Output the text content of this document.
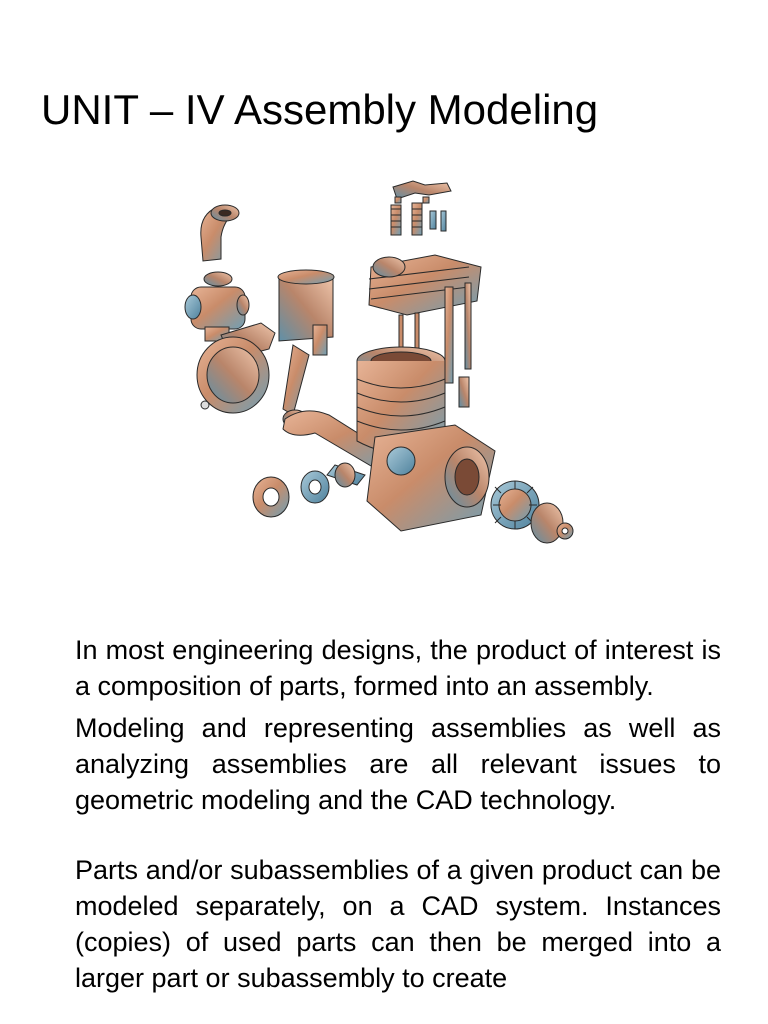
UNIT – IV Assembly Modeling

In most engineering designs, the product of interest is a composition of parts, formed into an assembly.

Modeling and representing assemblies as well as analyzing assemblies are all relevant issues to geometric modeling and the CAD technology.

Parts and/or subassemblies of a given product can be modeled separately, on a CAD system. Instances (copies) of used parts can then be merged into a larger part or subassembly to create
